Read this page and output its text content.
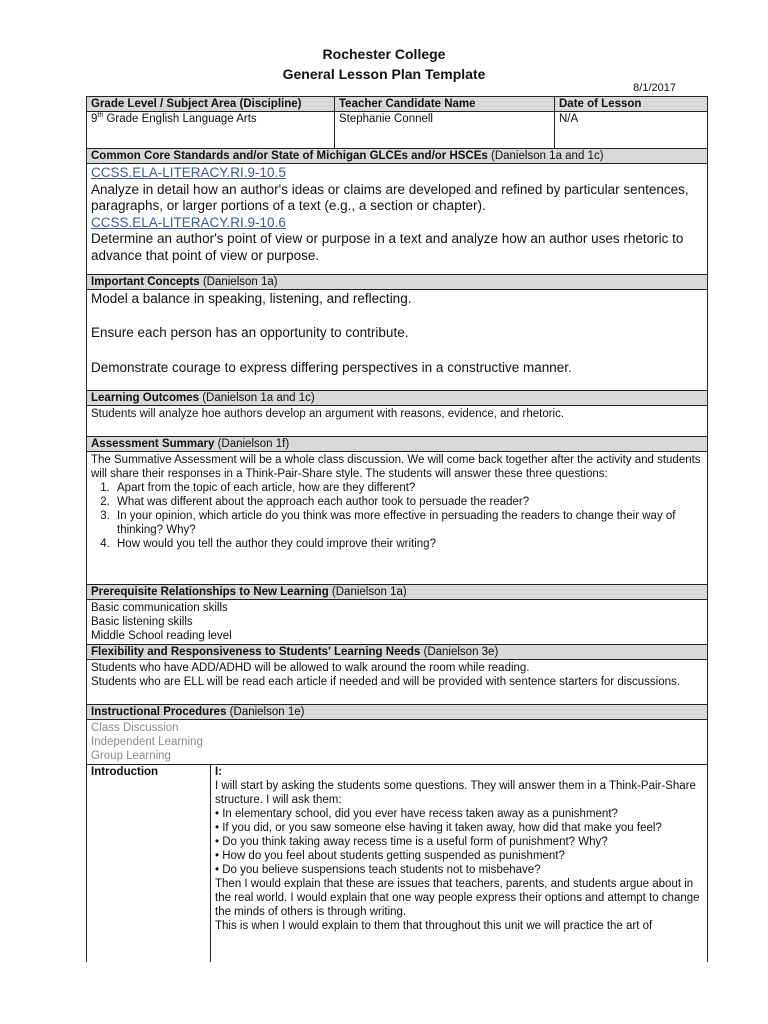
Rochester College
General Lesson Plan Template
8/1/2017
Grade Level / Subject Area (Discipline)	Teacher Candidate Name	Date of Lesson
9th Grade English Language Arts	Stephanie Connell	N/A
Common Core Standards and/or State of Michigan GLCEs and/or HSCEs (Danielson 1a and 1c)
CCSS.ELA-LITERACY.RI.9-10.5
Analyze in detail how an author's ideas or claims are developed and refined by particular sentences, paragraphs, or larger portions of a text (e.g., a section or chapter).
CCSS.ELA-LITERACY.RI.9-10.6
Determine an author's point of view or purpose in a text and analyze how an author uses rhetoric to advance that point of view or purpose.
Important Concepts (Danielson 1a)
Model a balance in speaking, listening, and reflecting.
Ensure each person has an opportunity to contribute.
Demonstrate courage to express differing perspectives in a constructive manner.
Learning Outcomes (Danielson 1a and 1c)
Students will analyze hoe authors develop an argument with reasons, evidence, and rhetoric.
Assessment Summary (Danielson 1f)
The Summative Assessment will be a whole class discussion. We will come back together after the activity and students will share their responses in a Think-Pair-Share style. The students will answer these three questions:
1. Apart from the topic of each article, how are they different?
2. What was different about the approach each author took to persuade the reader?
3. In your opinion, which article do you think was more effective in persuading the readers to change their way of thinking? Why?
4. How would you tell the author they could improve their writing?
Prerequisite Relationships to New Learning (Danielson 1a)
Basic communication skills
Basic listening skills
Middle School reading level
Flexibility and Responsiveness to Students' Learning Needs (Danielson 3e)
Students who have ADD/ADHD will be allowed to walk around the room while reading.
Students who are ELL will be read each article if needed and will be provided with sentence starters for discussions.
Instructional Procedures (Danielson 1e)
Class Discussion
Independent Learning
Group Learning
Introduction	I:
I will start by asking the students some questions. They will answer them in a Think-Pair-Share structure. I will ask them:
• In elementary school, did you ever have recess taken away as a punishment?
• If you did, or you saw someone else having it taken away, how did that make you feel?
• Do you think taking away recess time is a useful form of punishment? Why?
• How do you feel about students getting suspended as punishment?
• Do you believe suspensions teach students not to misbehave?
Then I would explain that these are issues that teachers, parents, and students argue about in the real world. I would explain that one way people express their options and attempt to change the minds of others is through writing.
This is when I would explain to them that throughout this unit we will practice the art of
